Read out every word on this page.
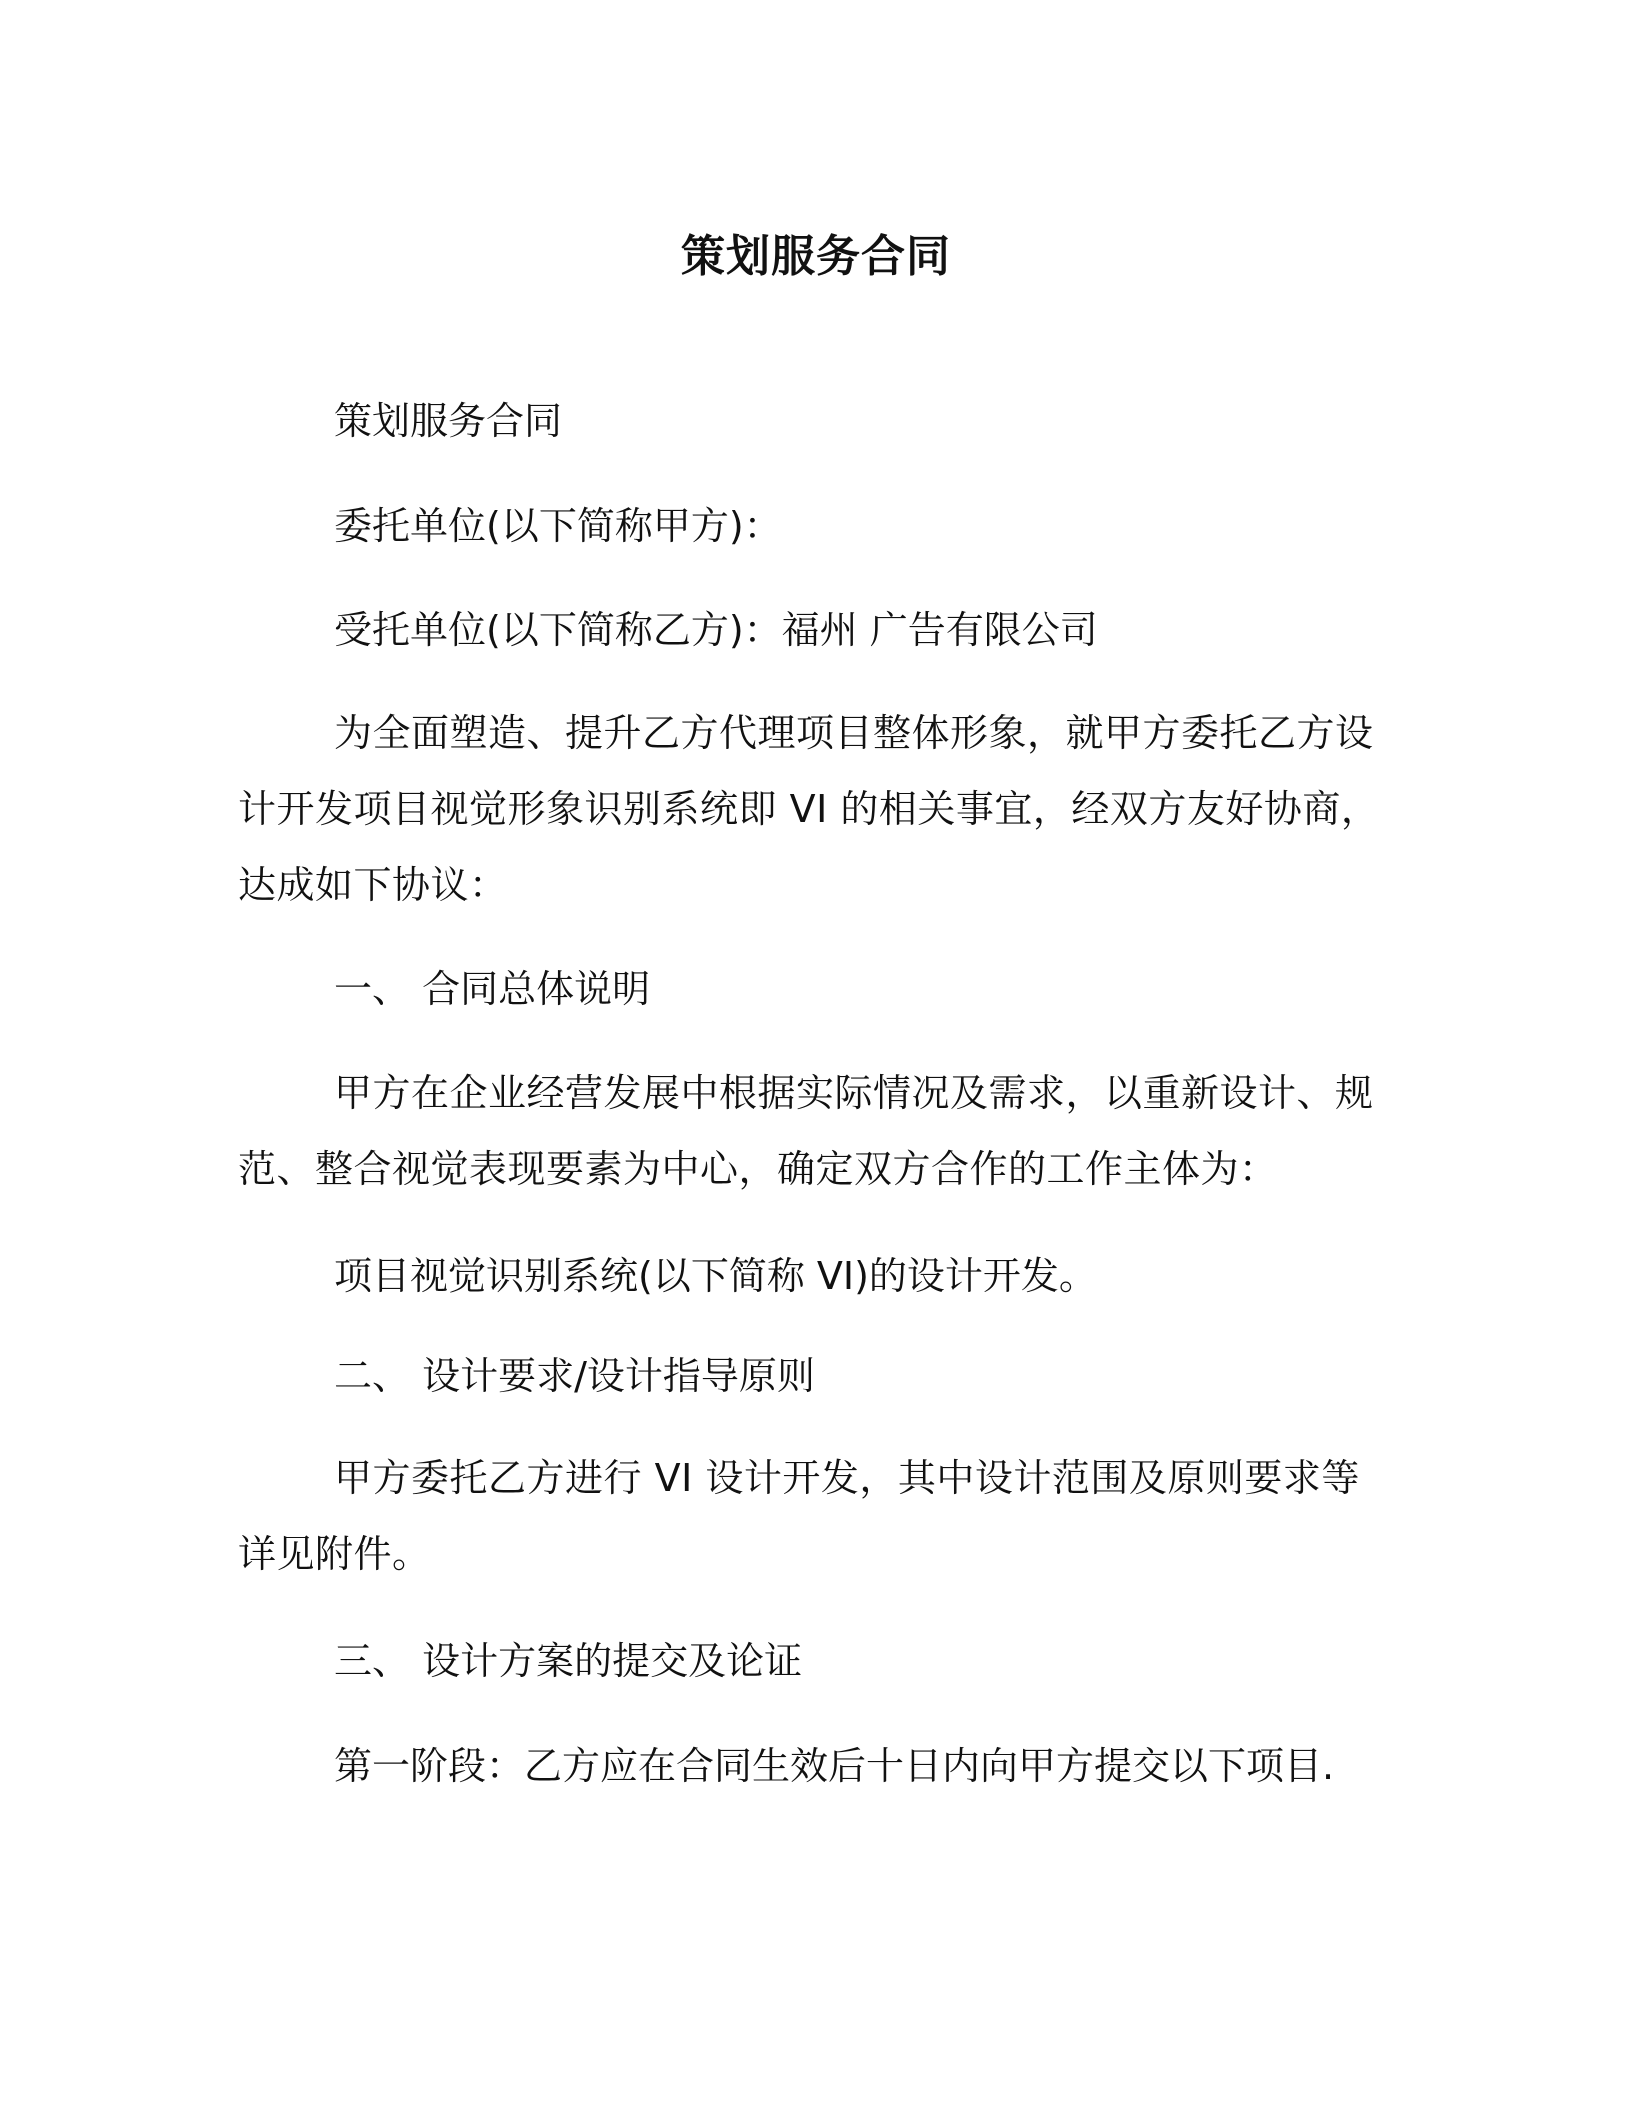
策划服务合同

策划服务合同

委托单位(以下简称甲方)：

受托单位(以下简称乙方)：福州 广告有限公司

为全面塑造、提升乙方代理项目整体形象，就甲方委托乙方设计开发项目视觉形象识别系统即 VI 的相关事宜，经双方友好协商，达成如下协议：

一、 合同总体说明

甲方在企业经营发展中根据实际情况及需求，以重新设计、规范、整合视觉表现要素为中心，确定双方合作的工作主体为：

项目视觉识别系统(以下简称 VI)的设计开发。

二、 设计要求/设计指导原则

甲方委托乙方进行 VI 设计开发，其中设计范围及原则要求等详见附件。

三、 设计方案的提交及论证

第一阶段：乙方应在合同生效后十日内向甲方提交以下项目.
